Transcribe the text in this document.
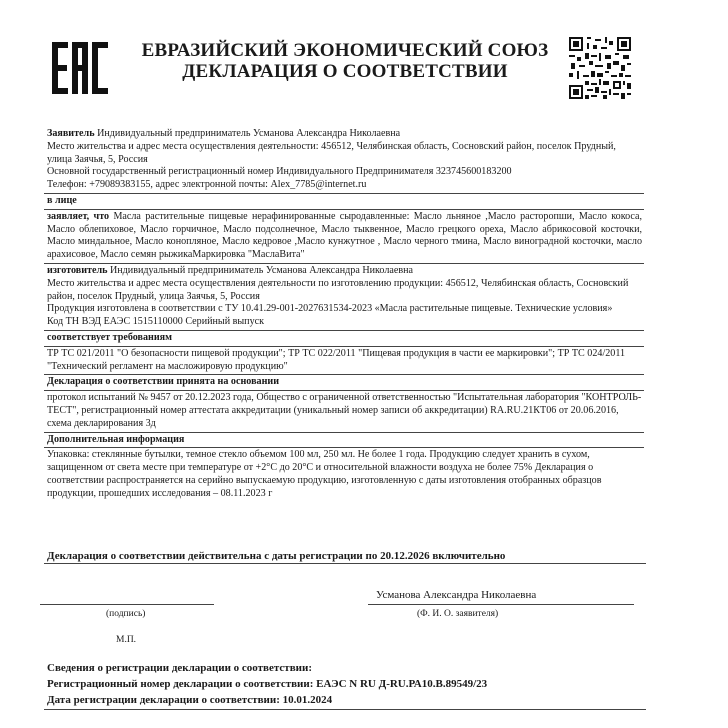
ЕВРАЗИЙСКИЙ ЭКОНОМИЧЕСКИЙ СОЮЗ
ДЕКЛАРАЦИЯ О СООТВЕТСТВИИ
Заявитель Индивидуальный предприниматель Усманова Александра Николаевна
Место жительства и адрес места осуществления деятельности: 456512, Челябинская область, Сосновский район, поселок Прудный, улица Заячья, 5, Россия
Основной государственный регистрационный номер Индивидуального Предпринимателя 323745600183200
Телефон: +79089383155, адрес электронной почты: Alex_7785@internet.ru
в лице
заявляет, что Масла растительные пищевые нерафинированные сыродавленные: Масло льняное ,Масло расторопши, Масло кокоса, Масло облепиховое, Масло горчичное, Масло подсолнечное, Масло тыквенное, Масло грецкого ореха, Масло абрикосовой косточки, Масло миндальное, Масло конопляное, Масло кедровое ,Масло кунжутное , Масло черного тмина, Масло виноградной косточки, масло арахисовое, Масло семян рыжикаМаркировка "МаслаВита"
изготовитель Индивидуальный предприниматель Усманова Александра Николаевна
Место жительства и адрес места осуществления деятельности по изготовлению продукции: 456512, Челябинская область, Сосновский район, поселок Прудный, улица Заячья, 5, Россия
Продукция изготовлена в соответствии с ТУ 10.41.29-001-2027631534-2023 «Масла растительные пищевые. Технические условия»
Код ТН ВЭД ЕАЭС 1515110000 Серийный выпуск
соответствует требованиям
ТР ТС 021/2011 "О безопасности пищевой продукции"; ТР ТС 022/2011 "Пищевая продукция в части ее маркировки"; ТР ТС 024/2011 "Технический регламент на масложировую продукцию"
Декларация о соответствии принята на основании
протокол испытаний № 9457 от 20.12.2023 года, Общество с ограниченной ответственностью "Испытательная лаборатория "КОНТРОЛЬ-ТЕСТ", регистрационный номер аттестата аккредитации (уникальный номер записи об аккредитации) RA.RU.21КТ06 от 20.06.2016, схема декларирования 3д
Дополнительная информация
Упаковка: стеклянные бутылки, темное стекло объемом 100 мл, 250 мл. Не более 1 года. Продукцию следует хранить в сухом, защищенном от света месте при температуре от +2°С до 20°С и относительной влажности воздуха не более 75% Декларация о соответствии распространяется на серийно выпускаемую продукцию, изготовленную с даты изготовления отобранных образцов продукции, прошедших исследования – 08.11.2023 г
Декларация о соответствии действительна с даты регистрации по 20.12.2026 включительно
Усманова Александра Николаевна
(подпись)	(Ф. И. О. заявителя)
М.П.
Сведения о регистрации декларации о соответствии:
Регистрационный номер декларации о соответствии: ЕАЭС N RU Д-RU.РА10.В.89549/23
Дата регистрации декларации о соответствии: 10.01.2024
